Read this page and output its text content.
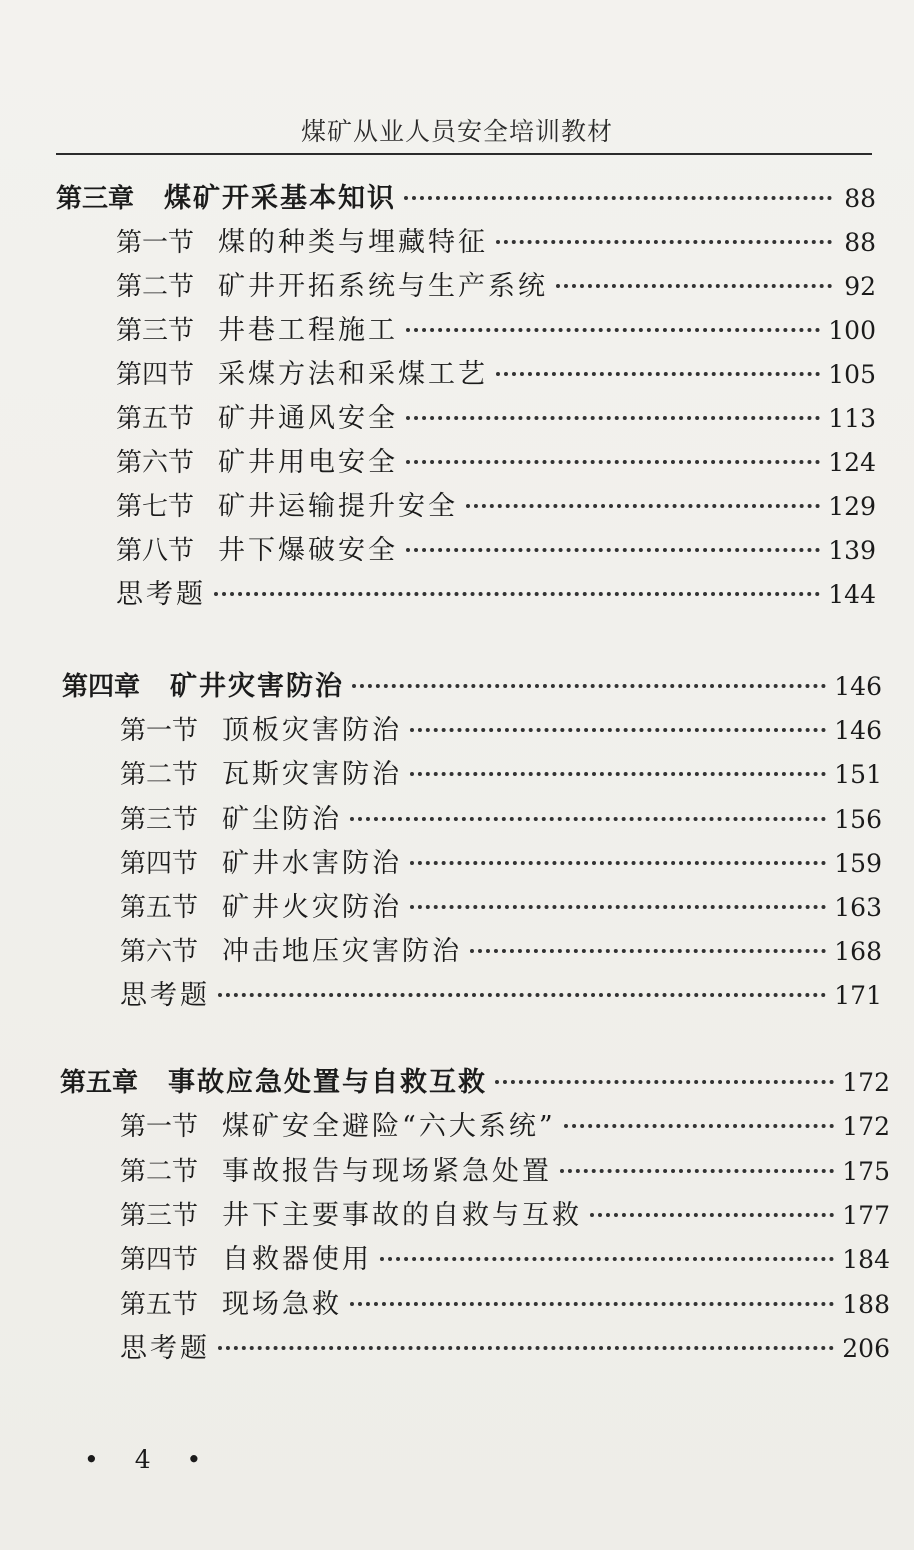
煤矿从业人员安全培训教材
第三章 煤矿开采基本知识	88
第一节 煤的种类与埋藏特征	88
第二节 矿井开拓系统与生产系统	92
第三节 井巷工程施工	100
第四节 采煤方法和采煤工艺	105
第五节 矿井通风安全	113
第六节 矿井用电安全	124
第七节 矿井运输提升安全	129
第八节 井下爆破安全	139
思考题	144
第四章 矿井灾害防治	146
第一节 顶板灾害防治	146
第二节 瓦斯灾害防治	151
第三节 矿尘防治	156
第四节 矿井水害防治	159
第五节 矿井火灾防治	163
第六节 冲击地压灾害防治	168
思考题	171
第五章 事故应急处置与自救互救	172
第一节 煤矿安全避险“六大系统”	172
第二节 事故报告与现场紧急处置	175
第三节 井下主要事故的自救与互救	177
第四节 自救器使用	184
第五节 现场急救	188
思考题	206
• 4 •
